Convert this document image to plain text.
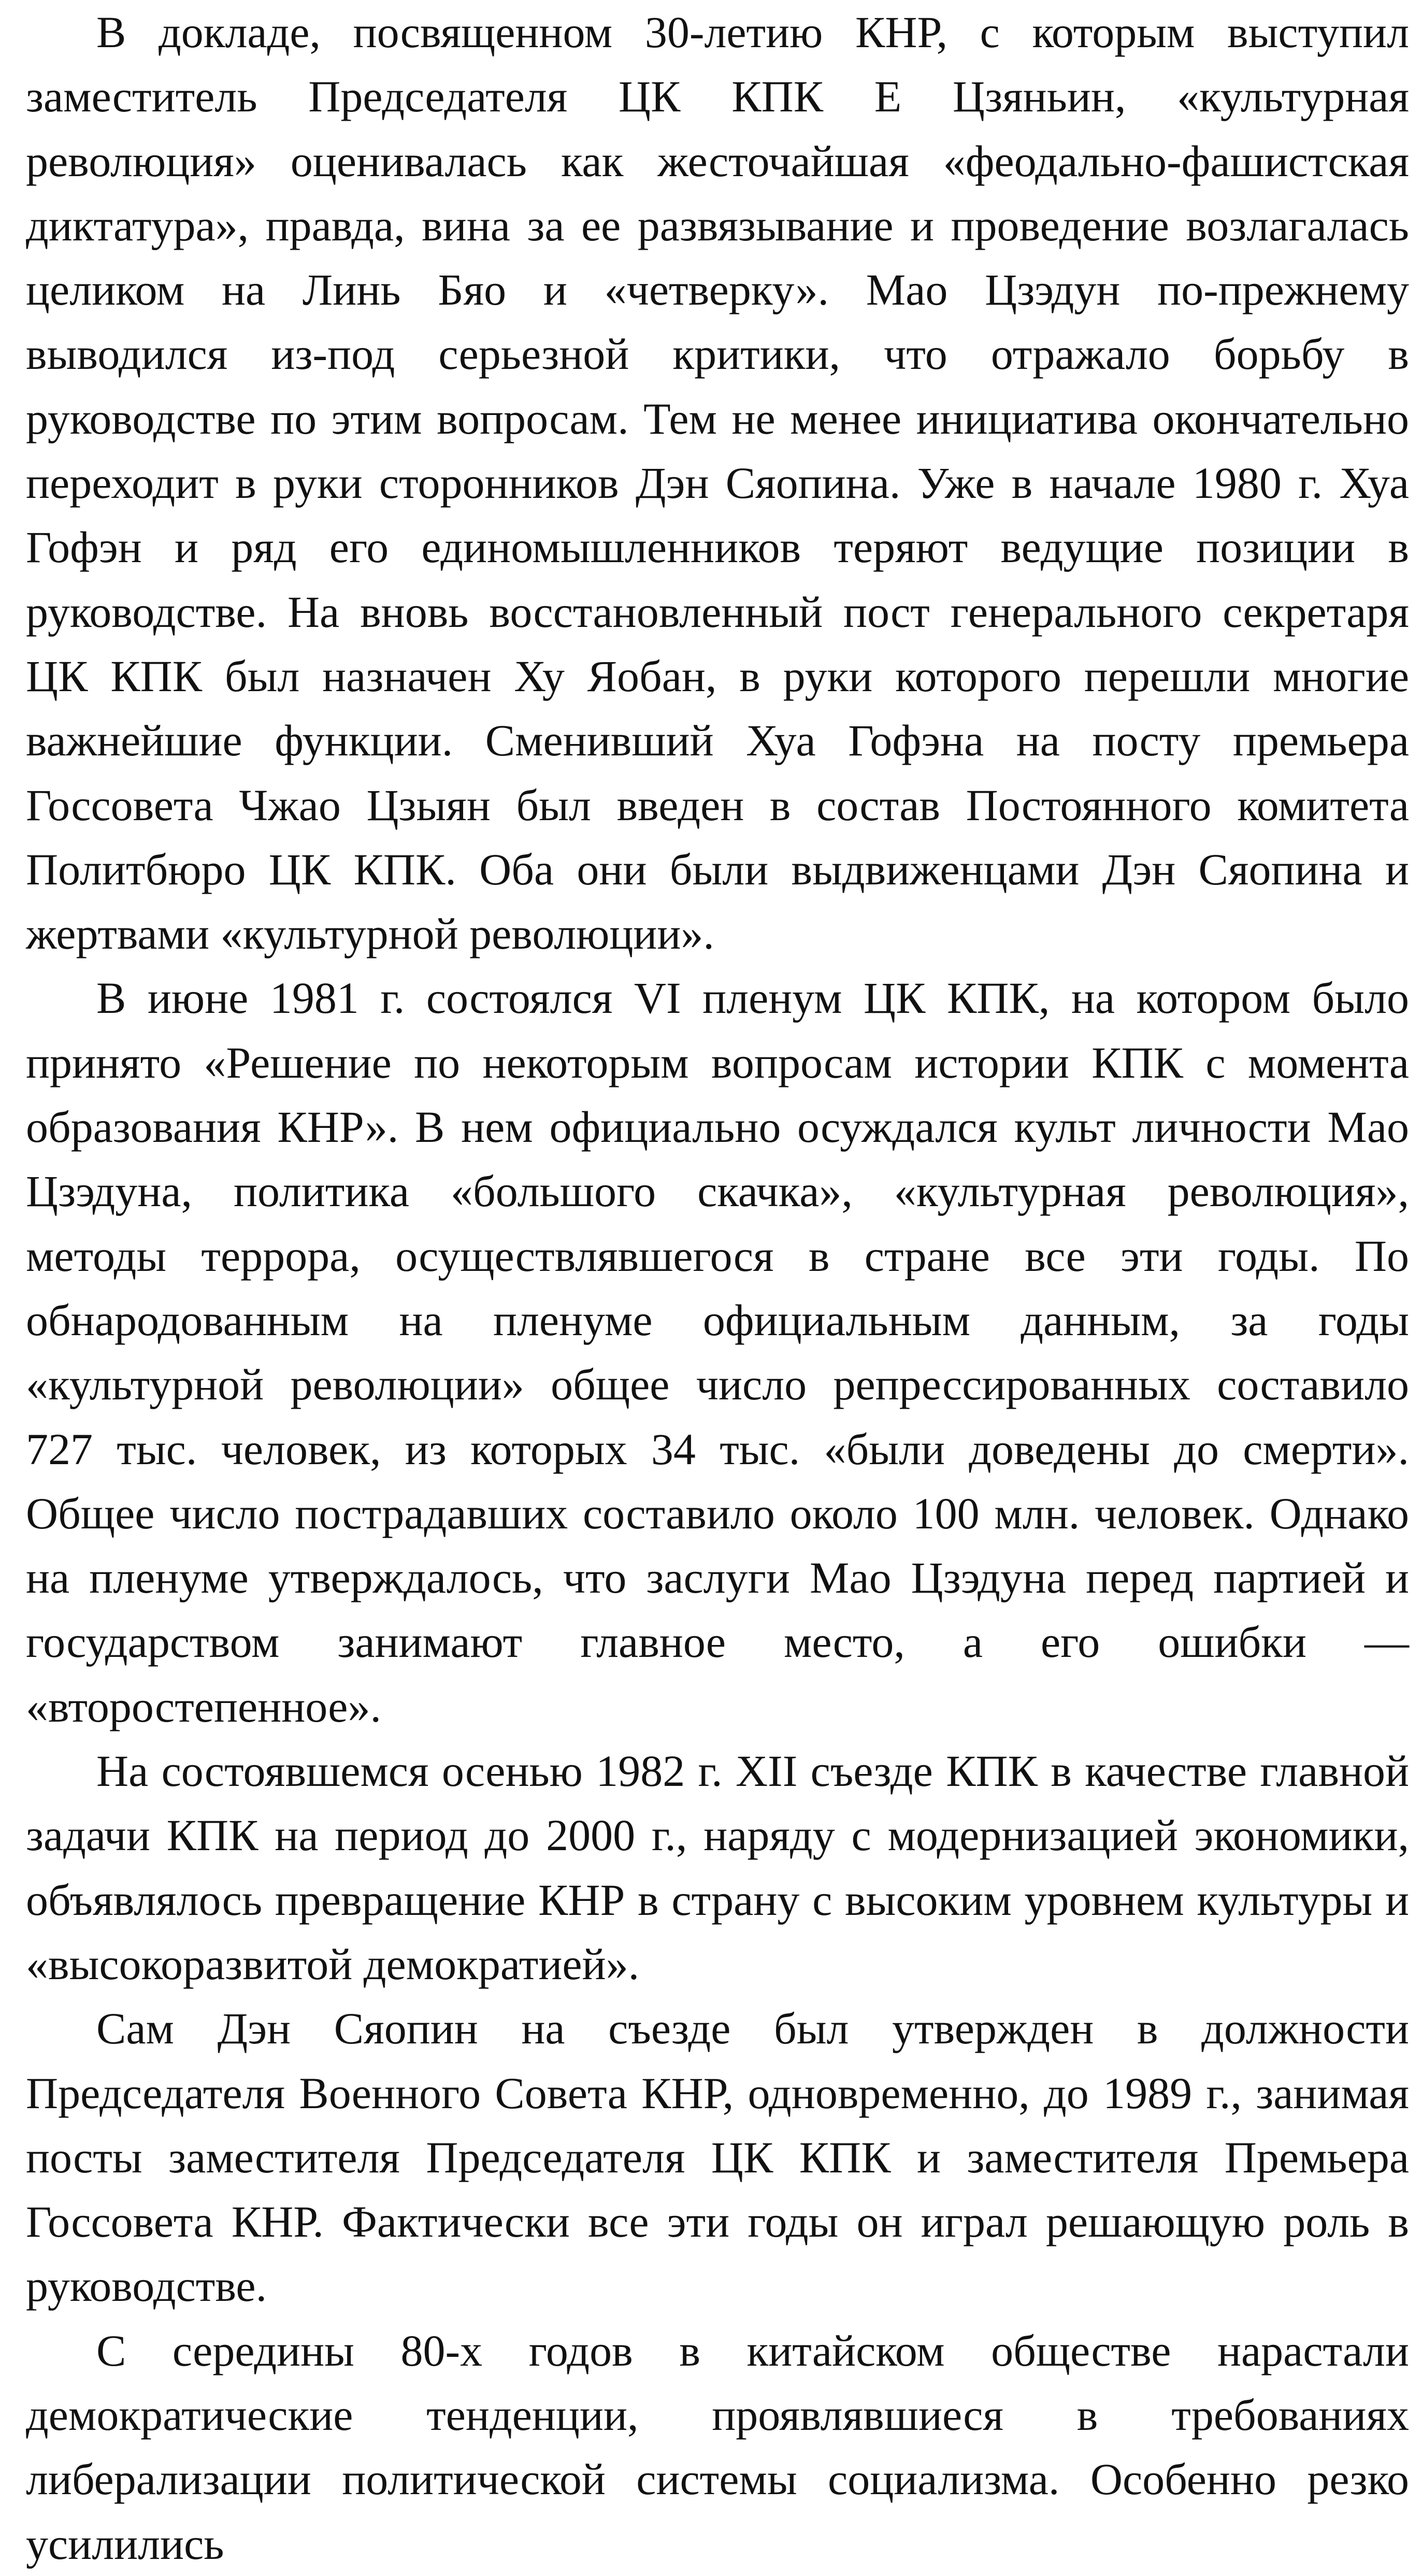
В докладе, посвященном 30-летию КНР, с которым выступил заместитель Председателя ЦК КПК Е Цзяньин, «культурная революция» оценивалась как жесточайшая «феодально-фашистская диктатура», правда, вина за ее развязывание и проведение возлагалась целиком на Линь Бяо и «четверку». Мао Цзэдун по-прежнему выводился из-под серьезной критики, что отражало борьбу в руководстве по этим вопросам. Тем не менее инициатива окончательно переходит в руки сторонников Дэн Сяопина. Уже в начале 1980 г. Хуа Гофэн и ряд его единомышленников теряют ведущие позиции в руководстве. На вновь восстановленный пост генерального секретаря ЦК КПК был назначен Ху Яобан, в руки которого перешли многие важнейшие функции. Сменивший Хуа Гофэна на посту премьера Госсовета Чжао Цзыян был введен в состав Постоянного комитета Политбюро ЦК КПК. Оба они были выдвиженцами Дэн Сяопина и жертвами «культурной революции».

В июне 1981 г. состоялся VI пленум ЦК КПК, на котором было принято «Решение по некоторым вопросам истории КПК с момента образования КНР». В нем официально осуждался культ личности Мао Цзэдуна, политика «большого скачка», «культурная революция», методы террора, осуществлявшегося в стране все эти годы. По обнародованным на пленуме официальным данным, за годы «культурной революции» общее число репрессированных составило 727 тыс. человек, из которых 34 тыс. «были доведены до смерти». Общее число пострадавших составило около 100 млн. человек. Однако на пленуме утверждалось, что заслуги Мао Цзэдуна перед партией и государством занимают главное место, а его ошибки — «второстепенное».

На состоявшемся осенью 1982 г. XII съезде КПК в качестве главной задачи КПК на период до 2000 г., наряду с модернизацией экономики, объявлялось превращение КНР в страну с высоким уровнем культуры и «высокоразвитой демократией».

Сам Дэн Сяопин на съезде был утвержден в должности Председателя Военного Совета КНР, одновременно, до 1989 г., занимая посты заместителя Председателя ЦК КПК и заместителя Премьера Госсовета КНР. Фактически все эти годы он играл решающую роль в руководстве.

С середины 80-х годов в китайском обществе нарастали демократические тенденции, проявлявшиеся в требованиях либерализации политической системы социализма. Особенно резко усилились
